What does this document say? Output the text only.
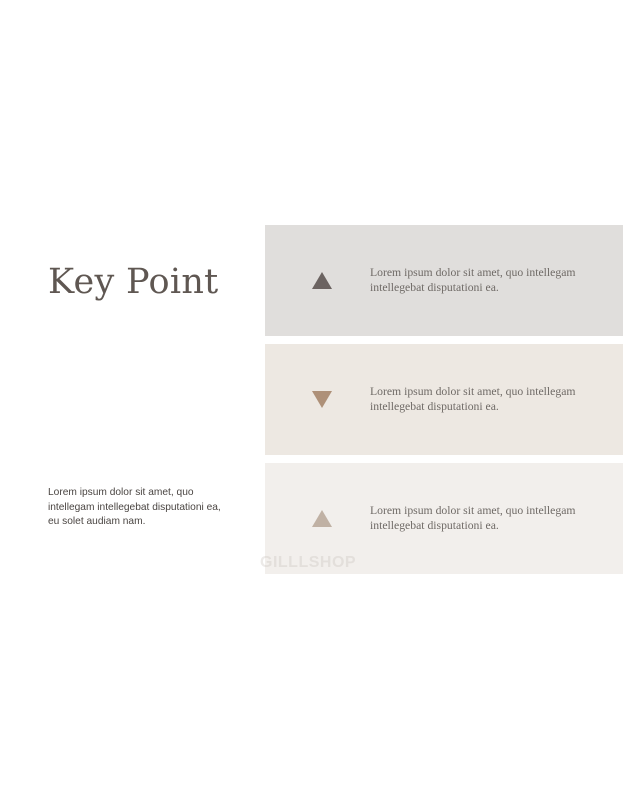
Key Point

Lorem ipsum dolor sit amet, quo intellegam intellegebat disputationi ea, eu solet audiam nam.

Lorem ipsum dolor sit amet, quo intellegam intellegebat disputationi ea.

Lorem ipsum dolor sit amet, quo intellegam intellegebat disputationi ea.

Lorem ipsum dolor sit amet, quo intellegam intellegebat disputationi ea.

GILLLSHOP
